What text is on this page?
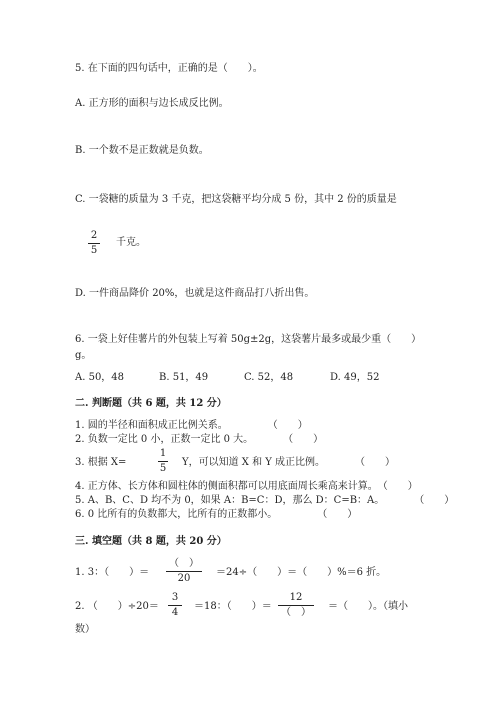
5. 在下面的四句话中，正确的是（　　）。
A. 正方形的面积与边长成反比例。
B. 一个数不是正数就是负数。
C. 一袋糖的质量为 3 千克，把这袋糖平均分成 5 份，其中 2 份的质量是
2
5
千克。
D. 一件商品降价 20%，也就是这件商品打八折出售。
6. 一袋上好佳薯片的外包装上写着 50g±2g，这袋薯片最多或最少重（　　）
g。
A. 50，48	B. 51，49	C. 52，48	D. 49，52
二. 判断题（共 6 题，共 12 分）
1. 圆的半径和面积成正比例关系。　　　　　（　　）
2. 负数一定比 0 小，正数一定比 0 大。　　　　（　　）
3. 根据 X=
1
5
Y，可以知道 X 和 Y 成正比例。　　　　（　　）
4. 正方体、长方体和圆柱体的侧面积都可以用底面周长乘高来计算。　（　　）
5. A、B、C、D 均不为 0，如果 A：B=C：D，那么 D：C=B：A。　　　　（　　）
6. 0 比所有的负数都大，比所有的正数都小。　　　　　（　　）
三. 填空题（共 8 题，共 20 分）
1. 3：（　　）＝
（　）
20
＝24÷（　　）＝（　　）%＝6 折。
2. （　　）÷20＝
3
4
＝18：（　　）＝
12
（　）
＝（　　）。（填小
数）
